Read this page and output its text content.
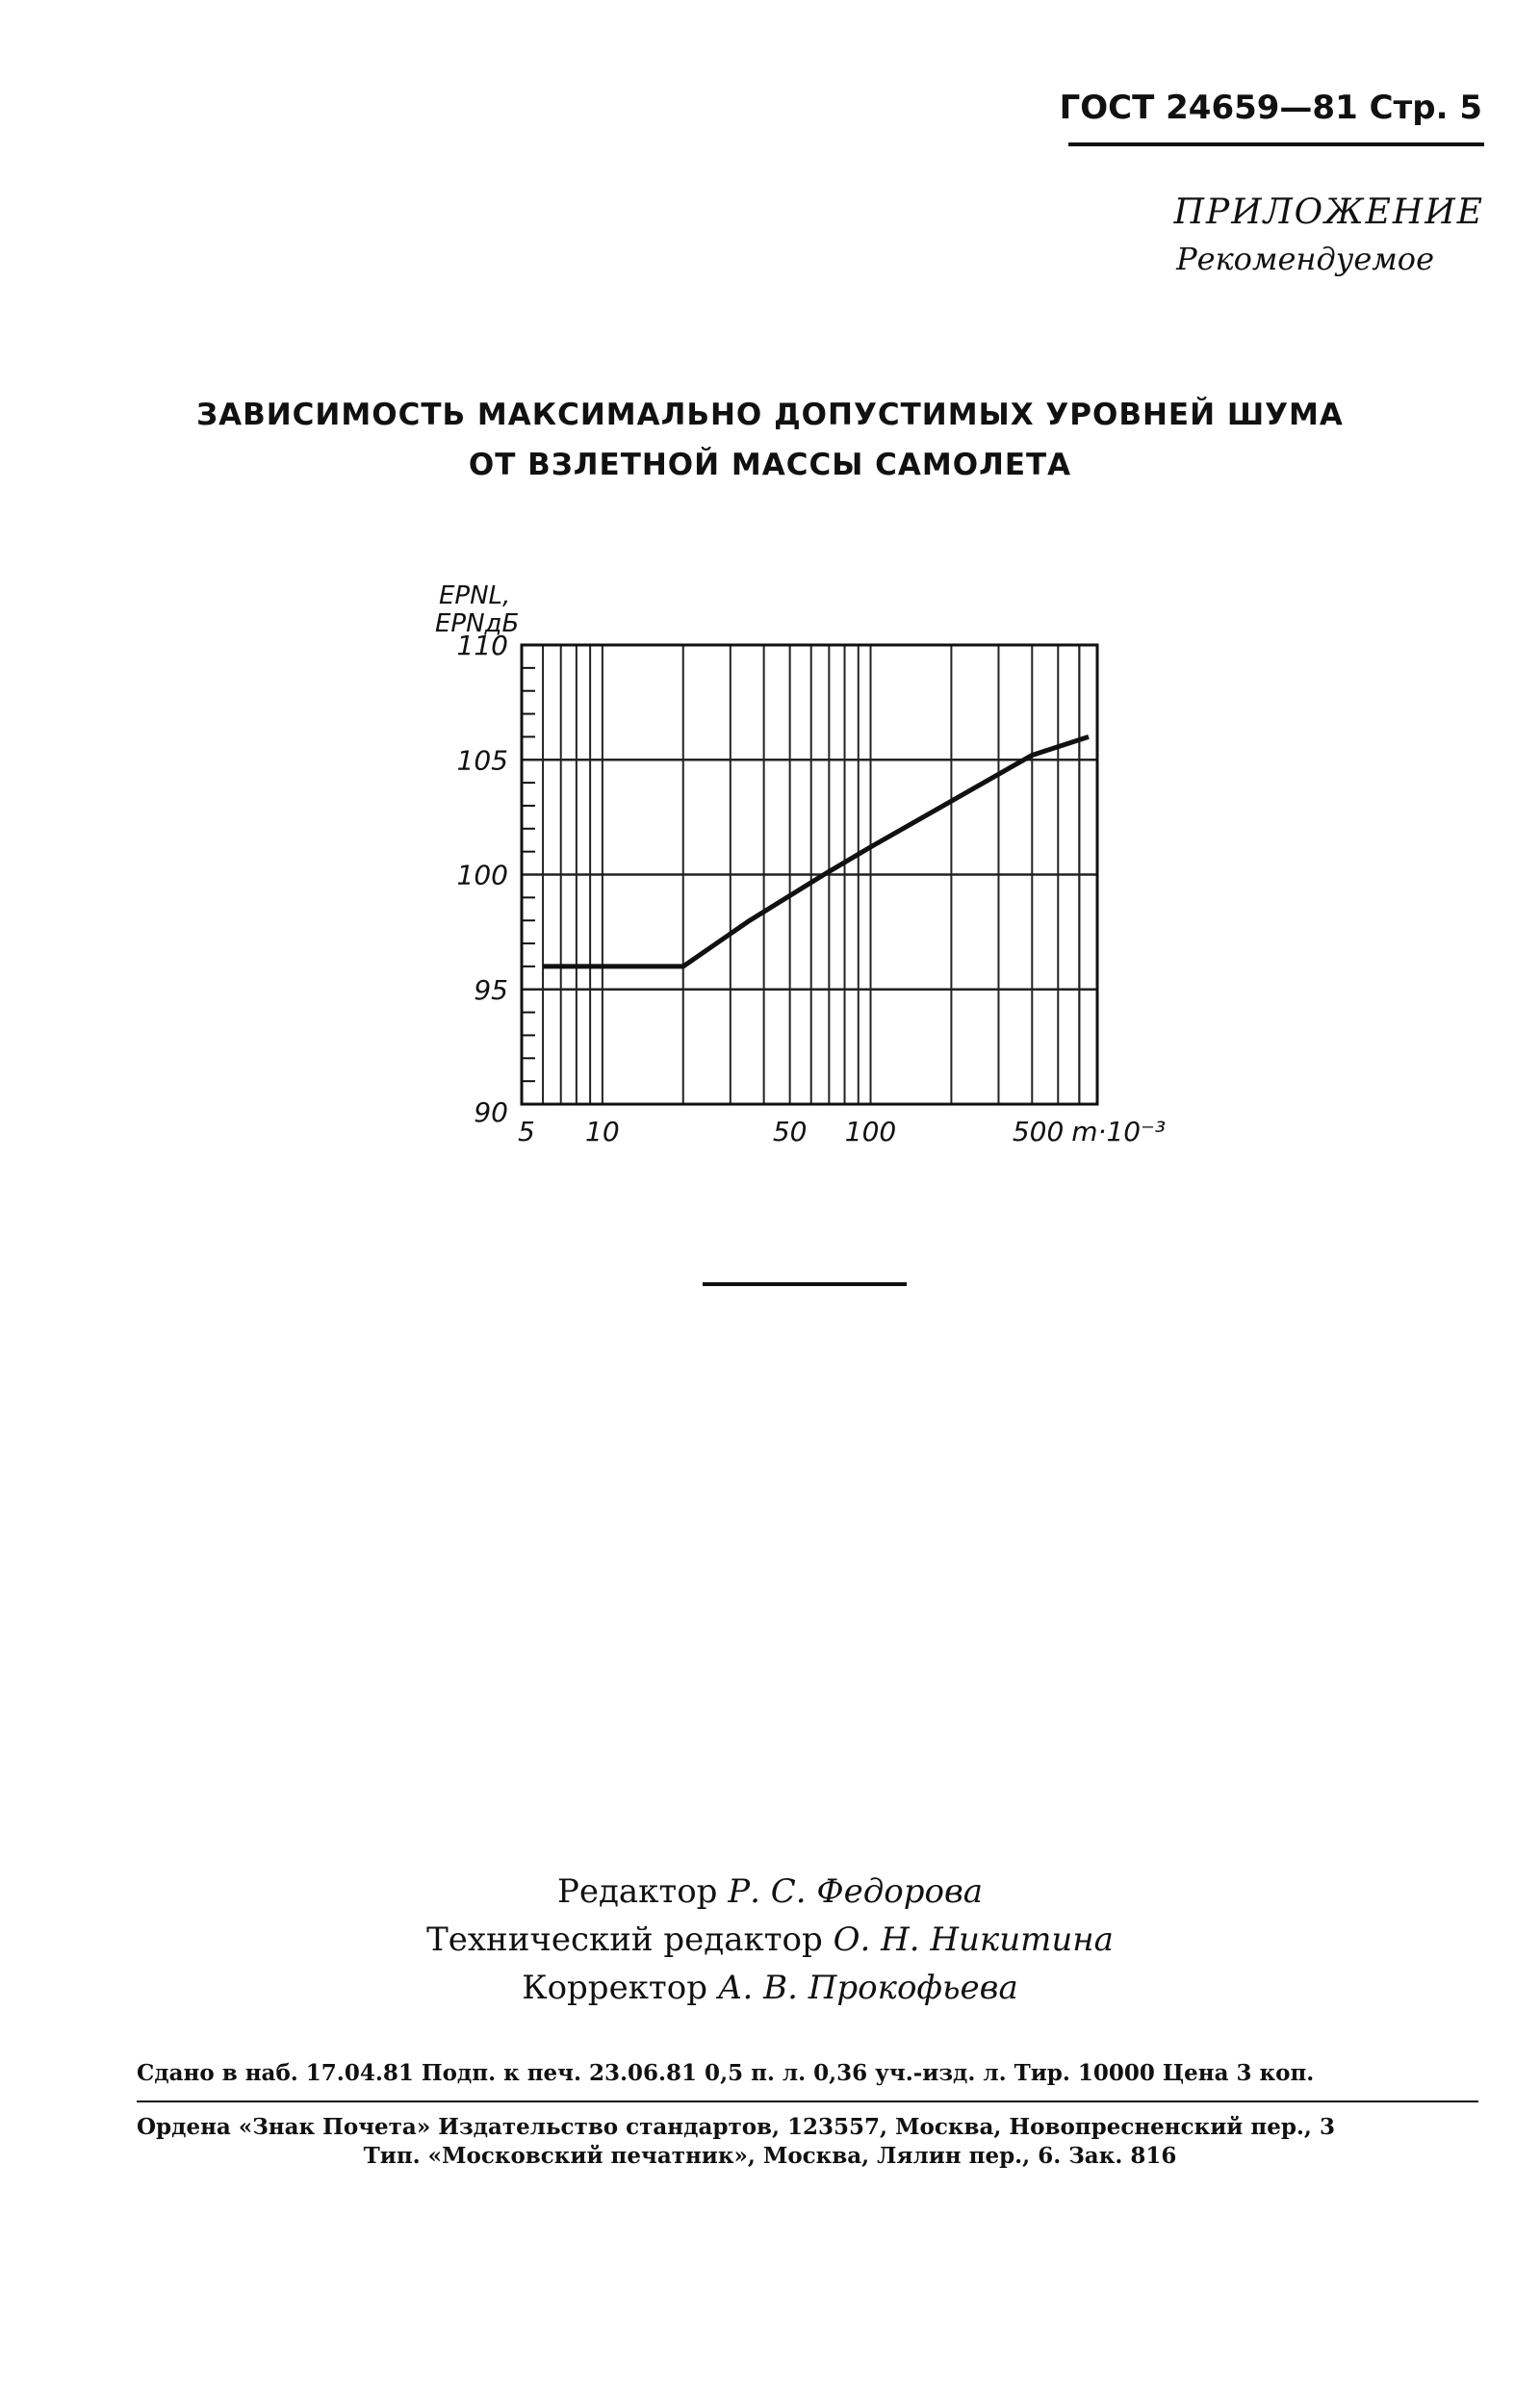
ГОСТ 24659—81 Стр. 5
ПРИЛОЖЕНИЕ
Рекомендуемое
ЗАВИСИМОСТЬ МАКСИМАЛЬНО ДОПУСТИМЫХ УРОВНЕЙ ШУМА
ОТ ВЗЛЕТНОЙ МАССЫ САМОЛЕТА
90
95
100
105
110
5 10	50 100	500 m·10⁻³
EPNL,
EPNдБ
Редактор Р. С. Федорова
Технический редактор О. Н. Никитина
Корректор А. В. Прокофьева
Сдано в наб. 17.04.81 Подп. к печ. 23.06.81 0,5 п. л. 0,36 уч.-изд. л. Тир. 10000 Цена 3 коп.
Ордена «Знак Почета» Издательство стандартов, 123557, Москва, Новопресненский пер., 3
Тип. «Московский печатник», Москва, Лялин пер., 6. Зак. 816
